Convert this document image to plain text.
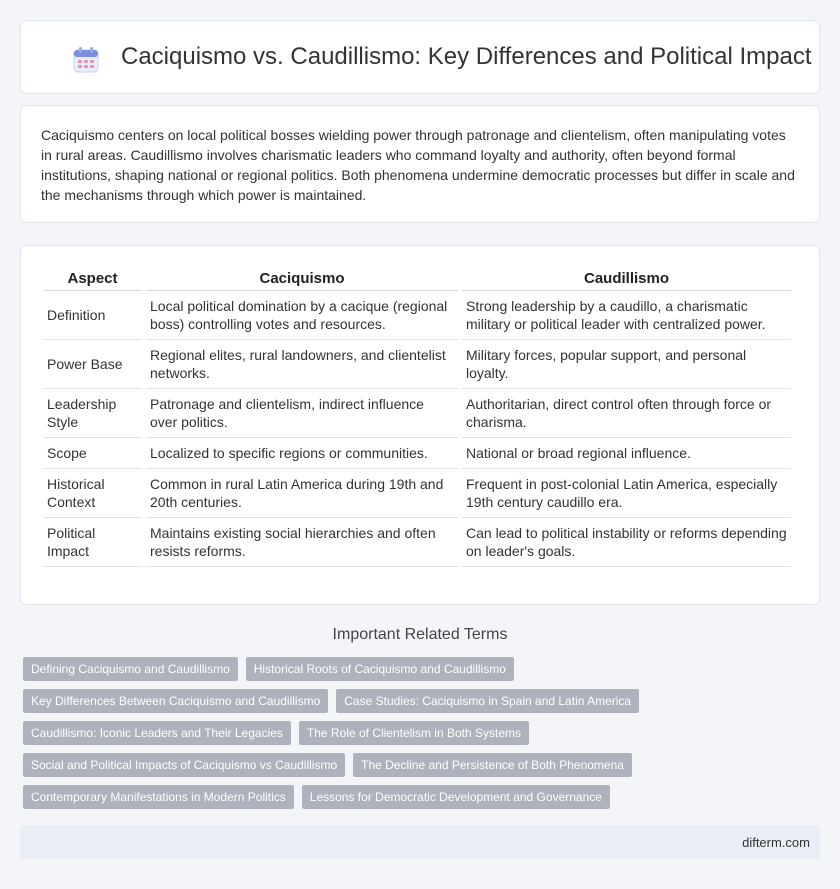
Caciquismo vs. Caudillismo: Key Differences and Political Impact

Caciquismo centers on local political bosses wielding power through patronage and clientelism, often manipulating votes in rural areas. Caudillismo involves charismatic leaders who command loyalty and authority, often beyond formal institutions, shaping national or regional politics. Both phenomena undermine democratic processes but differ in scale and the mechanisms through which power is maintained.

Aspect	Caciquismo	Caudillismo
Definition	Local political domination by a cacique (regional boss) controlling votes and resources.	Strong leadership by a caudillo, a charismatic military or political leader with centralized power.
Power Base	Regional elites, rural landowners, and clientelist networks.	Military forces, popular support, and personal loyalty.
Leadership Style	Patronage and clientelism, indirect influence over politics.	Authoritarian, direct control often through force or charisma.
Scope	Localized to specific regions or communities.	National or broad regional influence.
Historical Context	Common in rural Latin America during 19th and 20th centuries.	Frequent in post-colonial Latin America, especially 19th century caudillo era.
Political Impact	Maintains existing social hierarchies and often resists reforms.	Can lead to political instability or reforms depending on leader's goals.
Important Related Terms
Defining Caciquismo and Caudillismo	Historical Roots of Caciquismo and Caudillismo
Key Differences Between Caciquismo and Caudillismo	Case Studies: Caciquismo in Spain and Latin America
Caudillismo: Iconic Leaders and Their Legacies	The Role of Clientelism in Both Systems
Social and Political Impacts of Caciquismo vs Caudillismo	The Decline and Persistence of Both Phenomena
Contemporary Manifestations in Modern Politics	Lessons for Democratic Development and Governance
difterm.com
